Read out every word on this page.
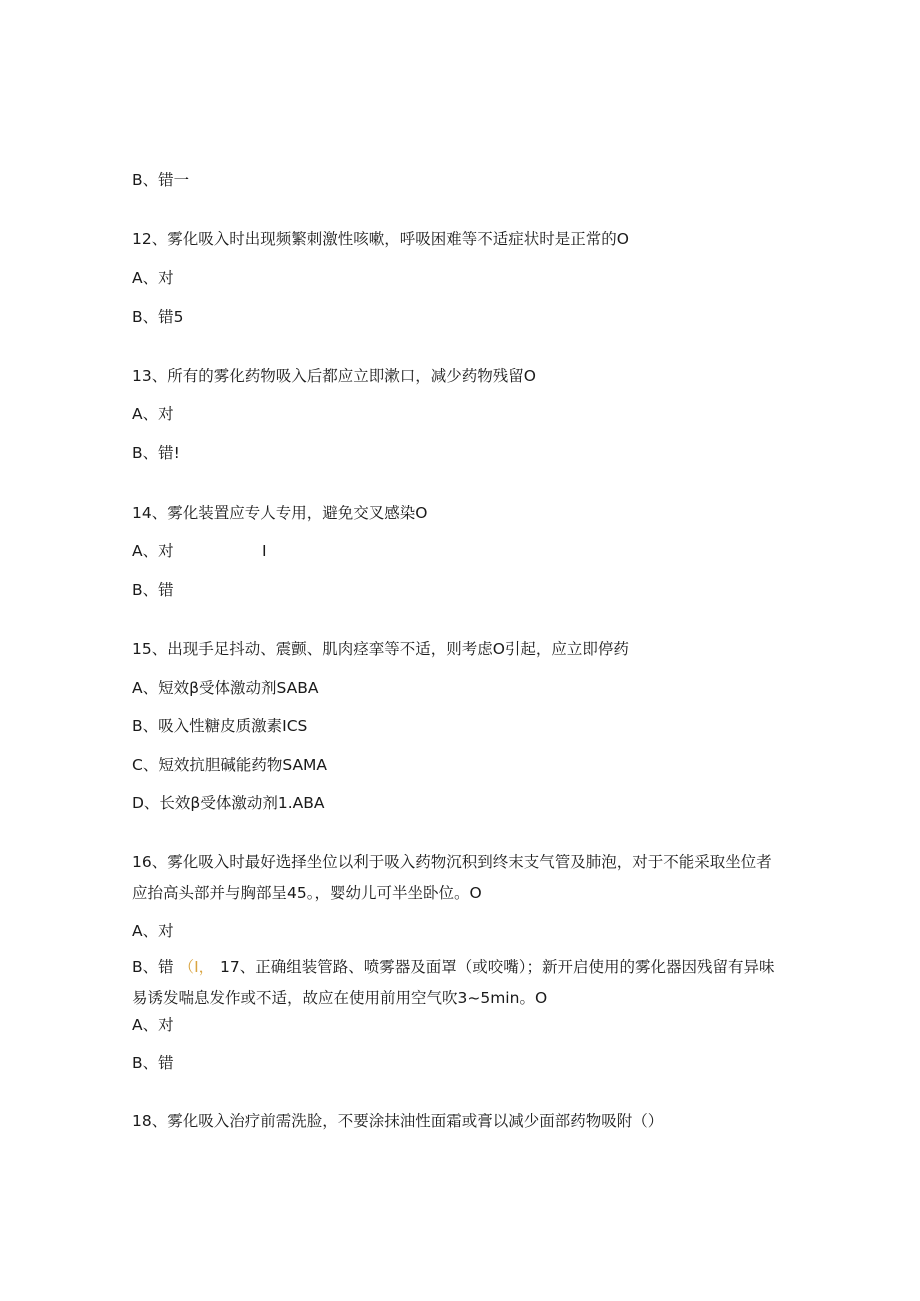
B、错一
12、雾化吸入时出现频繁刺激性咳嗽，呼吸困难等不适症状时是正常的O
A、对
B、错5
13、所有的雾化药物吸入后都应立即漱口，减少药物残留O
A、对
B、错!
14、雾化装置应专人专用，避免交叉感染O
A、对	I
B、错
15、出现手足抖动、震颤、肌肉痉挛等不适，则考虑O引起，应立即停药
A、短效β受体激动剂SABA
B、吸入性糖皮质激素ICS
C、短效抗胆碱能药物SAMA
D、长效β受体激动剂1.ABA
16、雾化吸入时最好选择坐位以利于吸入药物沉积到终末支气管及肺泡，对于不能采取坐位者应抬高头部并与胸部呈45。，婴幼儿可半坐卧位。O
A、对
B、错 （I， 17、正确组装管路、喷雾器及面罩（或咬嘴）；新开启使用的雾化器因残留有异味易诱发喘息发作或不适，故应在使用前用空气吹3~5min。O
A、对
B、错
18、雾化吸入治疗前需洗脸，不要涂抹油性面霜或膏以减少面部药物吸附（）
